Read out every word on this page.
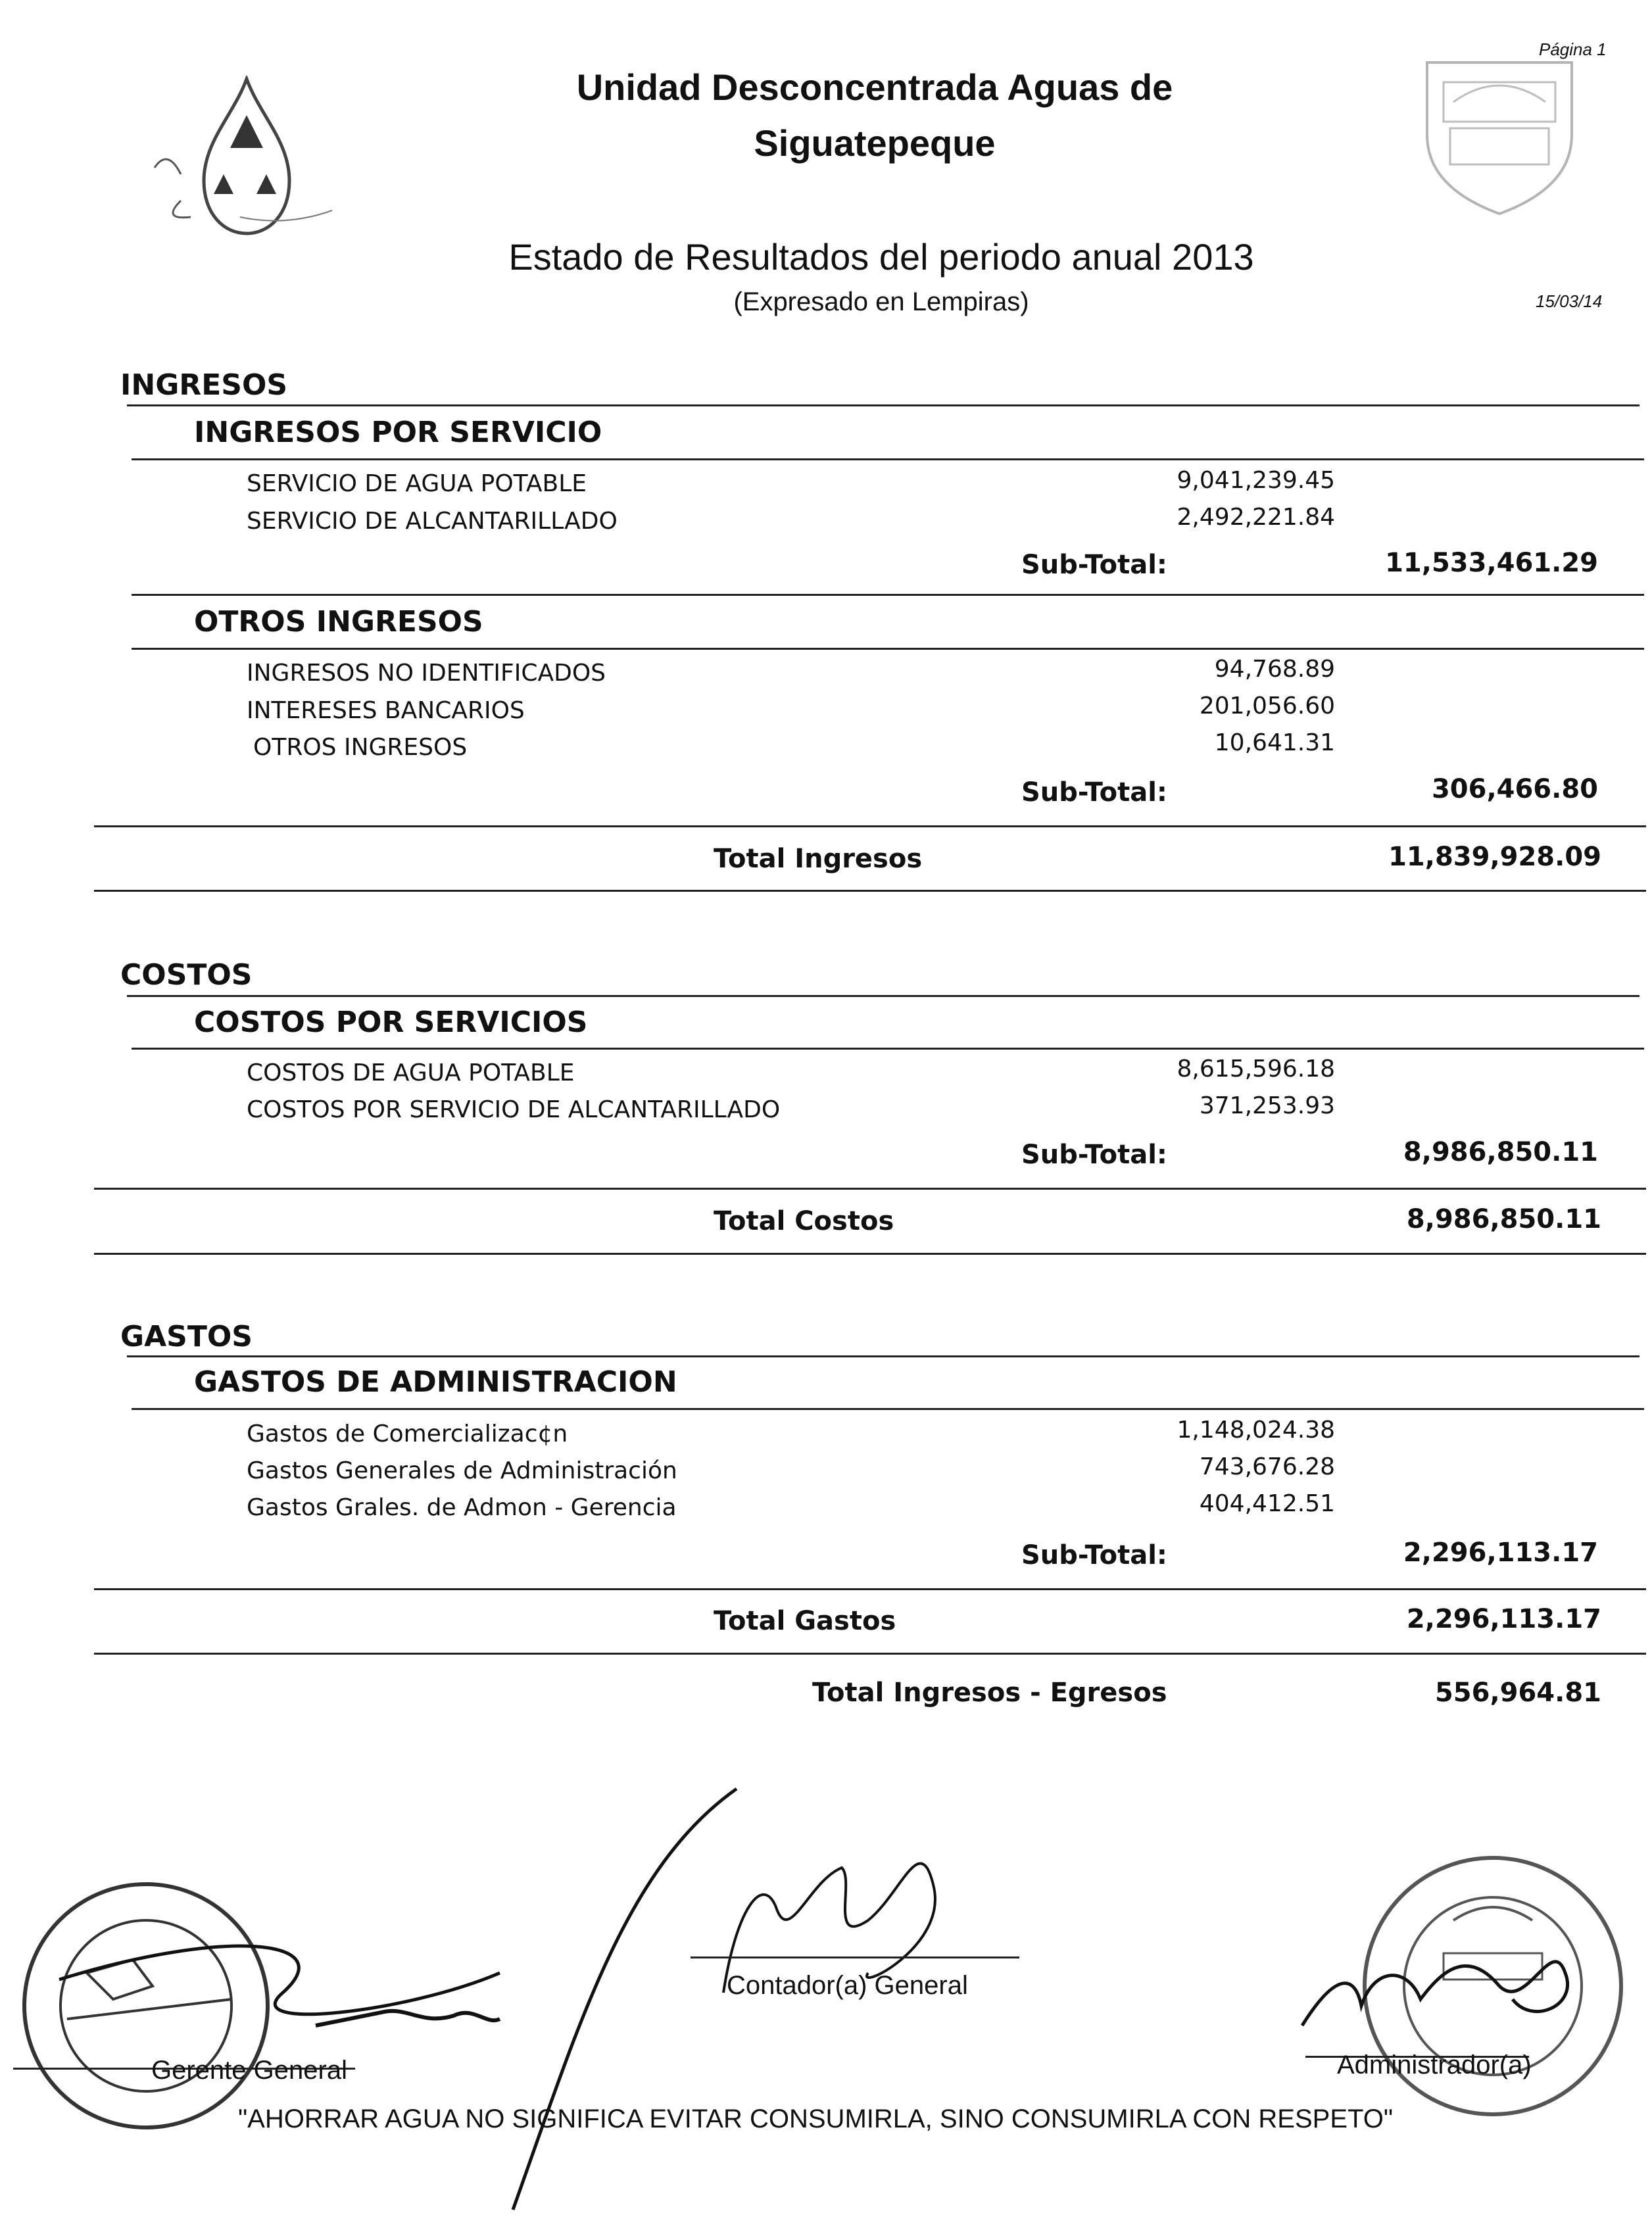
Página 1
Unidad Desconcentrada Aguas de
Siguatepeque
Estado de Resultados del periodo anual 2013
(Expresado en Lempiras)	15/03/14
INGRESOS
INGRESOS POR SERVICIO
SERVICIO DE AGUA POTABLE	9,041,239.45
SERVICIO DE ALCANTARILLADO	2,492,221.84
Sub-Total:	11,533,461.29
OTROS INGRESOS
INGRESOS NO IDENTIFICADOS	94,768.89
INTERESES BANCARIOS	201,056.60
OTROS INGRESOS	10,641.31
Sub-Total:	306,466.80
Total Ingresos	11,839,928.09
COSTOS
COSTOS POR SERVICIOS
COSTOS DE AGUA POTABLE	8,615,596.18
COSTOS POR SERVICIO DE ALCANTARILLADO	371,253.93
Sub-Total:	8,986,850.11
Total Costos	8,986,850.11
GASTOS
GASTOS DE ADMINISTRACION
Gastos de Comercializac¢n	1,148,024.38
Gastos Generales de Administración	743,676.28
Gastos Grales. de Admon - Gerencia	404,412.51
Sub-Total:	2,296,113.17
Total Gastos	2,296,113.17
Total Ingresos - Egresos	556,964.81
Gerente General
Contador(a) General
Administrador(a)
"AHORRAR AGUA NO SIGNIFICA EVITAR CONSUMIRLA, SINO CONSUMIRLA CON RESPETO"
